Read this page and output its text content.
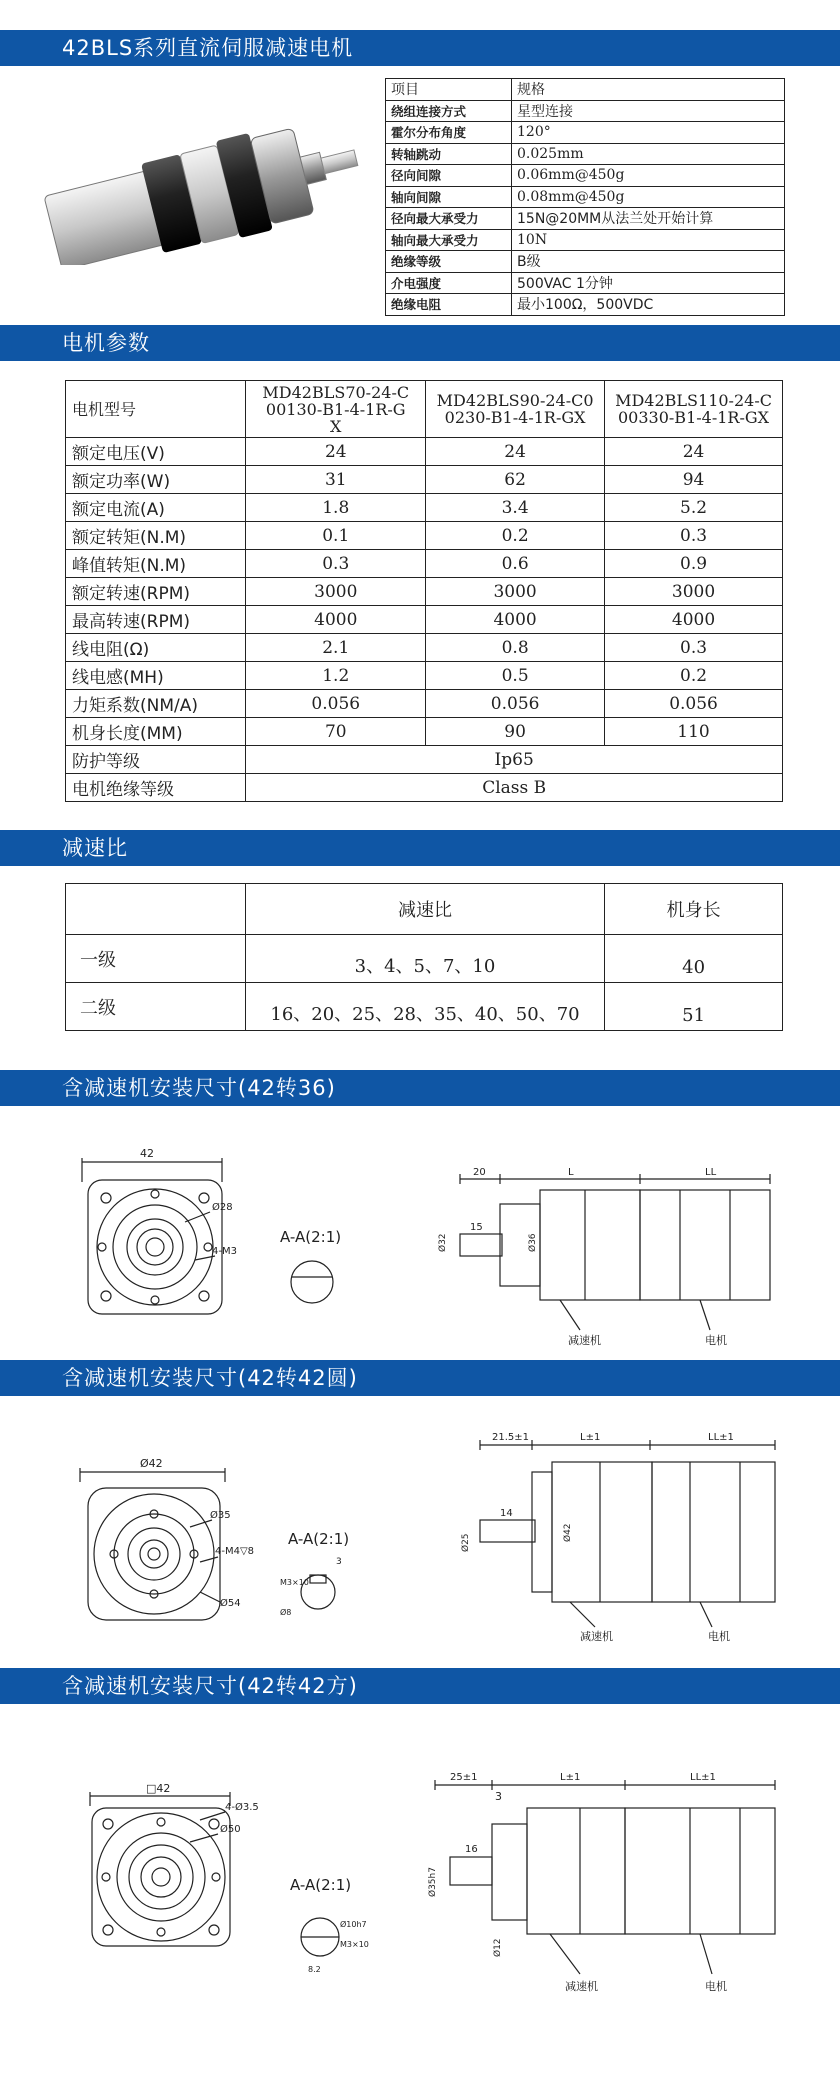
42BLS系列直流伺服减速电机
项目	规格
绕组连接方式	星型连接
霍尔分布角度	120°
转轴跳动	0.025mm
径向间隙	0.06mm@450g
轴向间隙	0.08mm@450g
径向最大承受力	15N@20MM从法兰处开始计算
轴向最大承受力	10N
绝缘等级	B级
介电强度	500VAC 1分钟
绝缘电阻	最小100Ω，500VDC
电机参数
电机型号	MD42BLS70-24-C00130-B1-4-1R-GX	MD42BLS90-24-C00230-B1-4-1R-GX	MD42BLS110-24-C00330-B1-4-1R-GX

额定电压(V)	24	24	24
额定功率(W)	31	62	94
额定电流(A)	1.8	3.4	5.2
额定转矩(N.M)	0.1	0.2	0.3
峰值转矩(N.M)	0.3	0.6	0.9
额定转速(RPM)	3000	3000	3000
最高转速(RPM)	4000	4000	4000
线电阻(Ω)	2.1	0.8	0.3
线电感(MH)	1.2	0.5	0.2
力矩系数(NM/A)	0.056	0.056	0.056
机身长度(MM)	70	90	110
防护等级	Ip65		
电机绝缘等级	Class B		
减速比
	减速比	机身长
一级	3、4、5、7、10	40
二级	16、20、25、28、35、40、50、70	51
含减速机安装尺寸(42转36)
42
Ø28
4-M3
A-A(2:1)
20	L	LL
15
Ø32	Ø36
减速机	电机
含减速机安装尺寸(42转42圆)
Ø42
Ø35
4-M4▽8
Ø54
A-A(2:1)
3
M3×10
Ø8
21.5±1	L±1	LL±1
14
Ø25
Ø42
减速机	电机
含减速机安装尺寸(42转42方)
□42
4-Ø3.5
Ø50
A-A(2:1)
Ø10h7
M3×10
8.2
25±1	L±1	LL±1
3
16
Ø35h7
Ø12
减速机	电机
